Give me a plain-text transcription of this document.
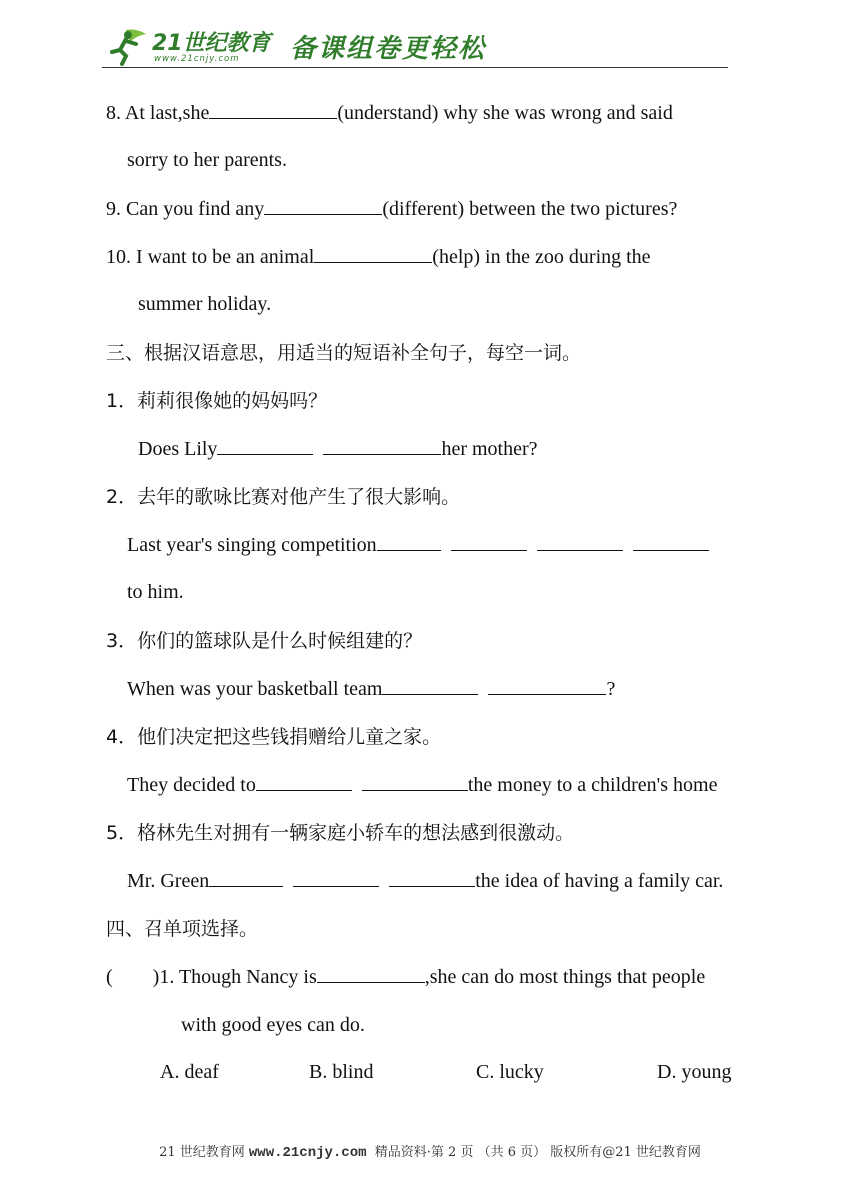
21世纪教育
www.21cnjy.com 备课组卷更轻松
8. At last,she	(understand) why she was wrong and said
sorry to her parents.
9. Can you find any	(different) between the two pictures?
10. I want to be an animal	(help) in the zoo during the
summer holiday.
三、根据汉语意思，用适当的短语补全句子，每空一词。
1．莉莉很像她的妈妈吗？
Does Lily	her mother?
2．去年的歌咏比赛对他产生了很大影响。
Last year's singing competition
to him.
3．你们的篮球队是什么时候组建的？
When was your basketball team	?
4．他们决定把这些钱捐赠给儿童之家。
They decided to	the money to a children's home
5．格林先生对拥有一辆家庭小轿车的想法感到很激动。
Mr. Green	the idea of having a family car.
四、召单项选择。
(        )1. Though Nancy is	,she can do most things that people
with good eyes can do.
A. deaf	B. blind	C. lucky	D. young
21 世纪教育网 www.21cnjy.com 精品资料·第 2 页 （共 6 页） 版权所有@21 世纪教育网
